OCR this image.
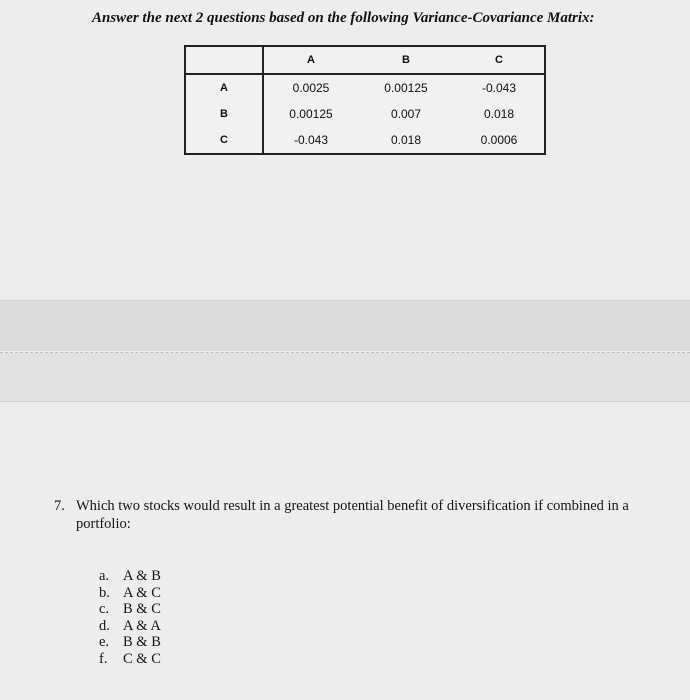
Answer the next 2 questions based on the following Variance-Covariance Matrix:
	A	B	C
A	0.0025	0.00125	-0.043
B	0.00125	0.007	0.018
C	-0.043	0.018	0.0006
7. Which two stocks would result in a greatest potential benefit of diversification if combined in a portfolio:
a. A & B
b. A & C
c. B & C
d. A & A
e. B & B
f. C & C
